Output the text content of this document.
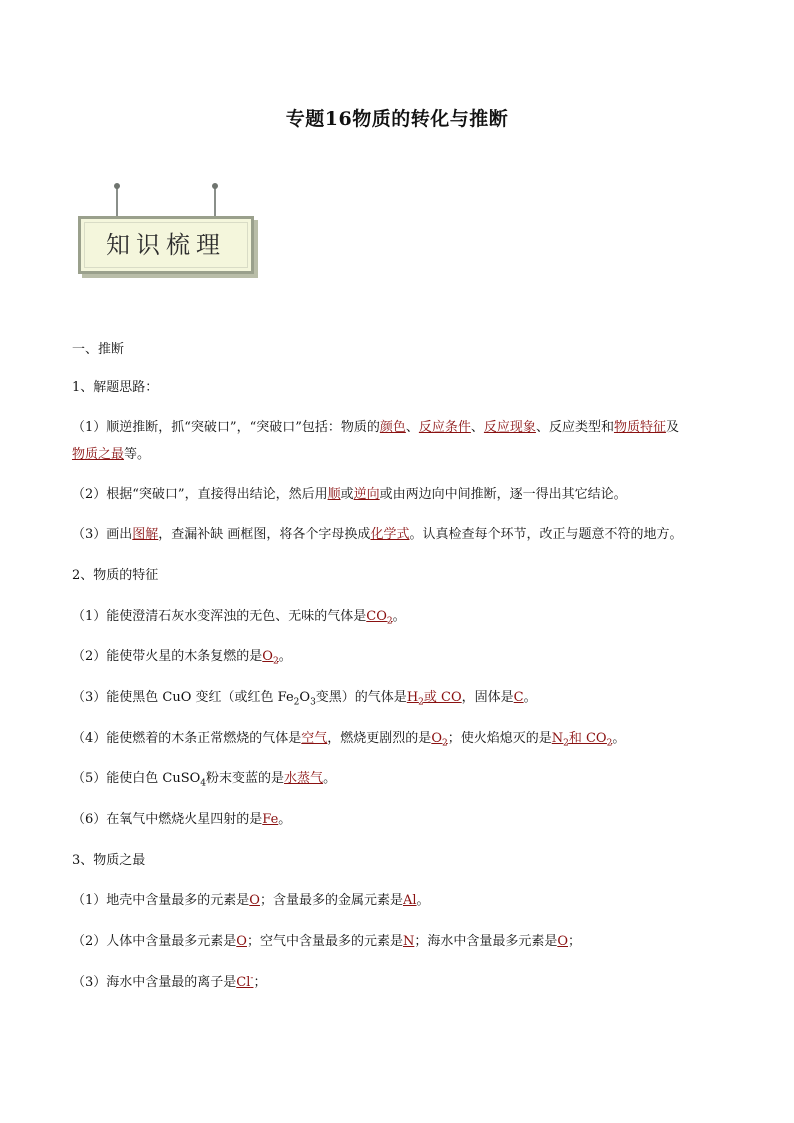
专题16物质的转化与推断
知识梳理
一、推断
1、解题思路：
（1）顺逆推断，抓“突破口”，“突破口”包括：物质的颜色、反应条件、反应现象、反应类型和物质特征及
物质之最等。
（2）根据“突破口”，直接得出结论，然后用顺或逆向或由两边向中间推断，逐一得出其它结论。
（3）画出图解，查漏补缺 画框图，将各个字母换成化学式。认真检查每个环节，改正与题意不符的地方。
2、物质的特征
（1）能使澄清石灰水变浑浊的无色、无味的气体是$CO_2$。
（2）能使带火星的木条复燃的是$O_2$。
（3）能使黑色 CuO 变红（或红色 $Fe_2O_3$变黑）的气体是$H_2$或 CO，固体是C。
（4）能使燃着的木条正常燃烧的气体是空气，燃烧更剧烈的是$O_2$；使火焰熄灭的是$N_2$和 $CO_2$。
（5）能使白色 CuSO$_4$粉末变蓝的是水蒸气。
（6）在氧气中燃烧火星四射的是Fe。
3、物质之最
（1）地壳中含量最多的元素是O；含量最多的金属元素是Al。
（2）人体中含量最多元素是O；空气中含量最多的元素是N；海水中含量最多元素是O；
（3）海水中含量最的离子是Cl-；
